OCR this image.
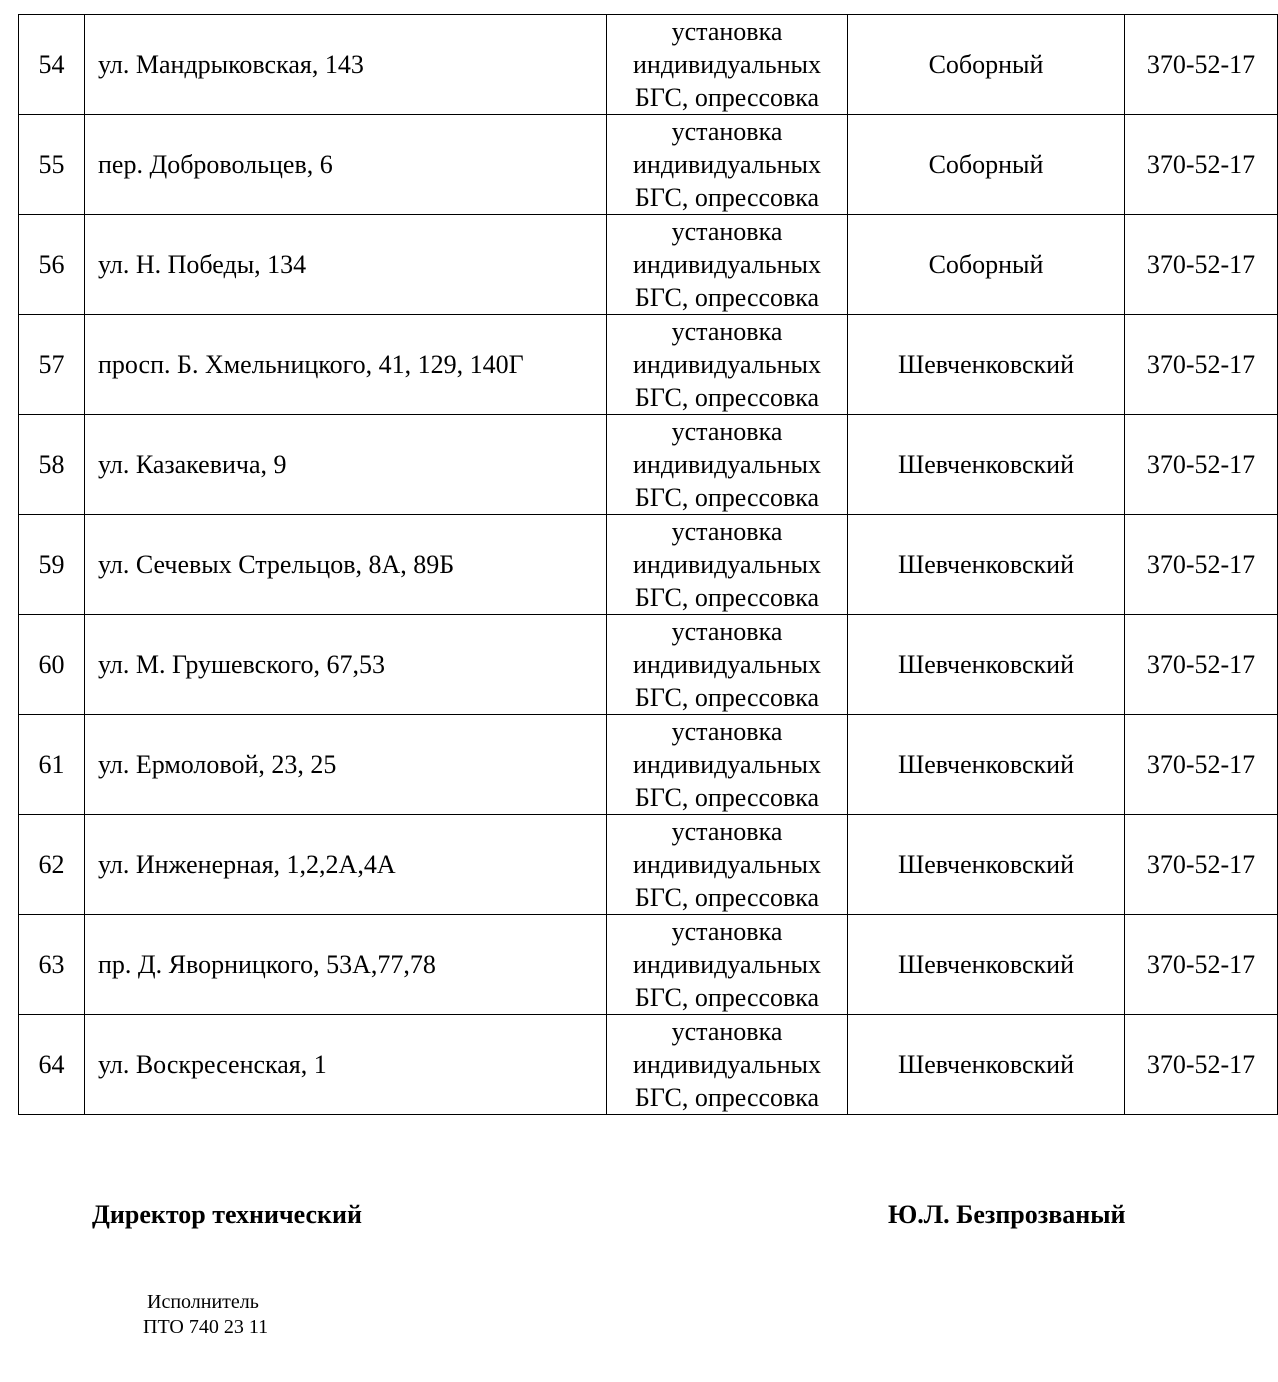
54	ул. Мандрыковская, 143	установка
индивидуальных
БГС, опрессовка	Соборный	370-52-17
55	пер. Добровольцев, 6	установка
индивидуальных
БГС, опрессовка	Соборный	370-52-17
56	ул. Н. Победы, 134	установка
индивидуальных
БГС, опрессовка	Соборный	370-52-17
57	просп. Б. Хмельницкого, 41, 129, 140Г	установка
индивидуальных
БГС, опрессовка	Шевченковский	370-52-17
58	ул. Казакевича, 9	установка
индивидуальных
БГС, опрессовка	Шевченковский	370-52-17
59	ул. Сечевых Стрельцов, 8А, 89Б	установка
индивидуальных
БГС, опрессовка	Шевченковский	370-52-17
60	ул. М. Грушевского, 67,53	установка
индивидуальных
БГС, опрессовка	Шевченковский	370-52-17
61	ул. Ермоловой, 23, 25	установка
индивидуальных
БГС, опрессовка	Шевченковский	370-52-17
62	ул. Инженерная, 1,2,2А,4А	установка
индивидуальных
БГС, опрессовка	Шевченковский	370-52-17
63	пр. Д. Яворницкого, 53А,77,78	установка
индивидуальных
БГС, опрессовка	Шевченковский	370-52-17
64	ул. Воскресенская, 1	установка
индивидуальных
БГС, опрессовка	Шевченковский	370-52-17
Директор технический	Ю.Л. Безпрозваный
Исполнитель
ПТО 740 23 11
